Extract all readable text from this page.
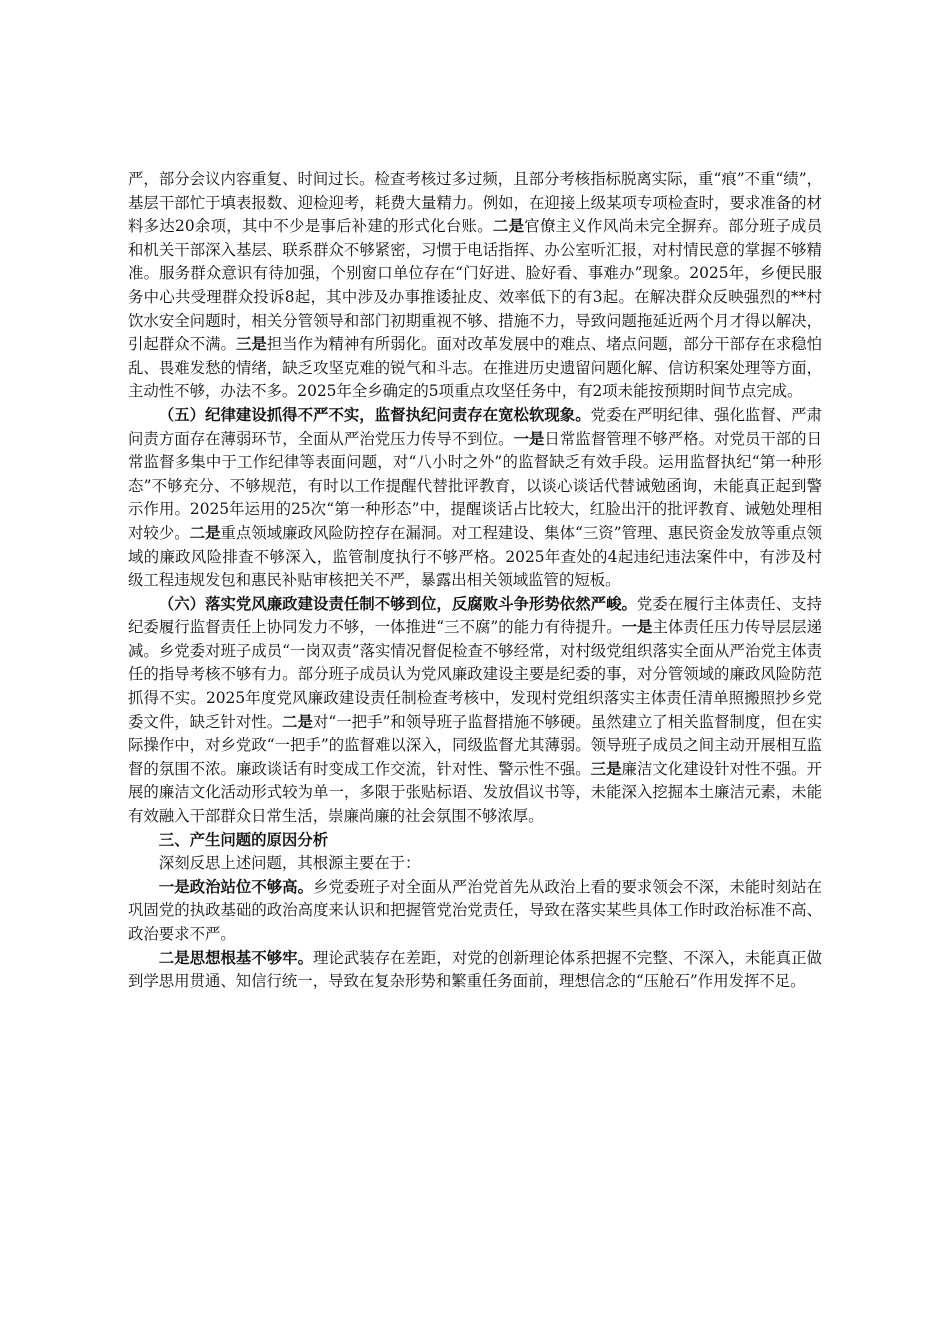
严，部分会议内容重复、时间过长。检查考核过多过频，且部分考核指标脱离实际，重“痕”不重“绩”，基层干部忙于填表报数、迎检迎考，耗费大量精力。例如，在迎接上级某项专项检查时，要求准备的材料多达20余项，其中不少是事后补建的形式化台账。二是官僚主义作风尚未完全摒弃。部分班子成员和机关干部深入基层、联系群众不够紧密，习惯于电话指挥、办公室听汇报，对村情民意的掌握不够精准。服务群众意识有待加强，个别窗口单位存在“门好进、脸好看、事难办”现象。2025年，乡便民服务中心共受理群众投诉8起，其中涉及办事推诿扯皮、效率低下的有3起。在解决群众反映强烈的**村饮水安全问题时，相关分管领导和部门初期重视不够、措施不力，导致问题拖延近两个月才得以解决，引起群众不满。三是担当作为精神有所弱化。面对改革发展中的难点、堵点问题，部分干部存在求稳怕乱、畏难发愁的情绪，缺乏攻坚克难的锐气和斗志。在推进历史遗留问题化解、信访积案处理等方面，主动性不够，办法不多。2025年全乡确定的5项重点攻坚任务中，有2项未能按预期时间节点完成。

（五）纪律建设抓得不严不实，监督执纪问责存在宽松软现象。党委在严明纪律、强化监督、严肃问责方面存在薄弱环节，全面从严治党压力传导不到位。一是日常监督管理不够严格。对党员干部的日常监督多集中于工作纪律等表面问题，对“八小时之外”的监督缺乏有效手段。运用监督执纪“第一种形态”不够充分、不够规范，有时以工作提醒代替批评教育，以谈心谈话代替诫勉函询，未能真正起到警示作用。2025年运用的25次“第一种形态”中，提醒谈话占比较大，红脸出汗的批评教育、诫勉处理相对较少。二是重点领域廉政风险防控存在漏洞。对工程建设、集体“三资”管理、惠民资金发放等重点领域的廉政风险排查不够深入，监管制度执行不够严格。2025年查处的4起违纪违法案件中，有涉及村级工程违规发包和惠民补贴审核把关不严，暴露出相关领域监管的短板。

（六）落实党风廉政建设责任制不够到位，反腐败斗争形势依然严峻。党委在履行主体责任、支持纪委履行监督责任上协同发力不够，一体推进“三不腐”的能力有待提升。一是主体责任压力传导层层递减。乡党委对班子成员“一岗双责”落实情况督促检查不够经常，对村级党组织落实全面从严治党主体责任的指导考核不够有力。部分班子成员认为党风廉政建设主要是纪委的事，对分管领域的廉政风险防范抓得不实。2025年度党风廉政建设责任制检查考核中，发现村党组织落实主体责任清单照搬照抄乡党委文件，缺乏针对性。二是对“一把手”和领导班子监督措施不够硬。虽然建立了相关监督制度，但在实际操作中，对乡党政“一把手”的监督难以深入，同级监督尤其薄弱。领导班子成员之间主动开展相互监督的氛围不浓。廉政谈话有时变成工作交流，针对性、警示性不强。三是廉洁文化建设针对性不强。开展的廉洁文化活动形式较为单一，多限于张贴标语、发放倡议书等，未能深入挖掘本土廉洁元素，未能有效融入干部群众日常生活，崇廉尚廉的社会氛围不够浓厚。

三、产生问题的原因分析

深刻反思上述问题，其根源主要在于：

一是政治站位不够高。乡党委班子对全面从严治党首先从政治上看的要求领会不深，未能时刻站在巩固党的执政基础的政治高度来认识和把握管党治党责任，导致在落实某些具体工作时政治标准不高、政治要求不严。

二是思想根基不够牢。理论武装存在差距，对党的创新理论体系把握不完整、不深入，未能真正做到学思用贯通、知信行统一，导致在复杂形势和繁重任务面前，理想信念的“压舱石”作用发挥不足。
